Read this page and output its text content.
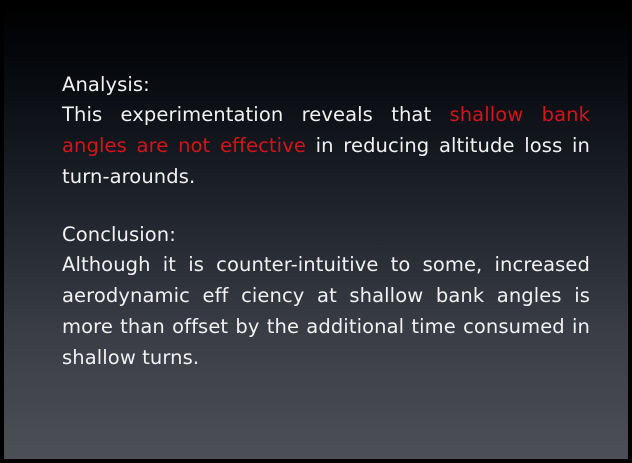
Analysis:

This experimentation reveals that shallow bank angles are not effective in reducing altitude loss in turn-arounds.

Conclusion:

Although it is counter-intuitive to some, increased aerodynamic eff ciency at shallow bank angles is more than offset by the additional time consumed in shallow turns.
